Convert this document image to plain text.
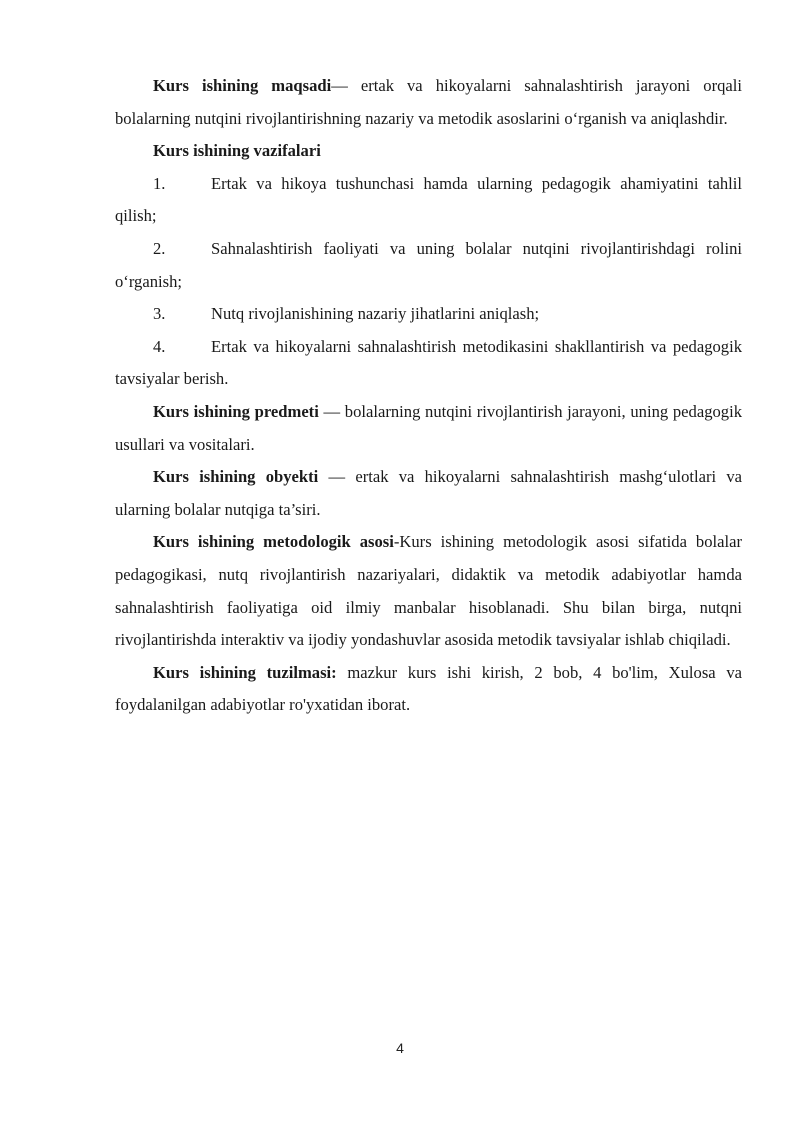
Kurs ishining maqsadi— ertak va hikoyalarni sahnalashtirish jarayoni orqali bolalarning nutqini rivojlantirishning nazariy va metodik asoslarini o‘rganish va aniqlashdir.

Kurs ishining vazifalari

1.	Ertak va hikoya tushunchasi hamda ularning pedagogik ahamiyatini tahlil qilish;
2.	Sahnalashtirish faoliyati va uning bolalar nutqini rivojlantirishdagi rolini o‘rganish;
3.	Nutq rivojlanishining nazariy jihatlarini aniqlash;
4.	Ertak va hikoyalarni sahnalashtirish metodikasini shakllantirish va pedagogik tavsiyalar berish.

Kurs ishining predmeti — bolalarning nutqini rivojlantirish jarayoni, uning pedagogik usullari va vositalari.

Kurs ishining obyekti — ertak va hikoyalarni sahnalashtirish mashg‘ulotlari va ularning bolalar nutqiga ta’siri.

Kurs ishining metodologik asosi-Kurs ishining metodologik asosi sifatida bolalar pedagogikasi, nutq rivojlantirish nazariyalari, didaktik va metodik adabiyotlar hamda sahnalashtirish faoliyatiga oid ilmiy manbalar hisoblanadi. Shu bilan birga, nutqni rivojlantirishda interaktiv va ijodiy yondashuvlar asosida metodik tavsiyalar ishlab chiqiladi.

Kurs ishining tuzilmasi: mazkur kurs ishi kirish, 2 bob, 4 bo'lim, Xulosa va foydalanilgan adabiyotlar ro'yxatidan iborat.

4
